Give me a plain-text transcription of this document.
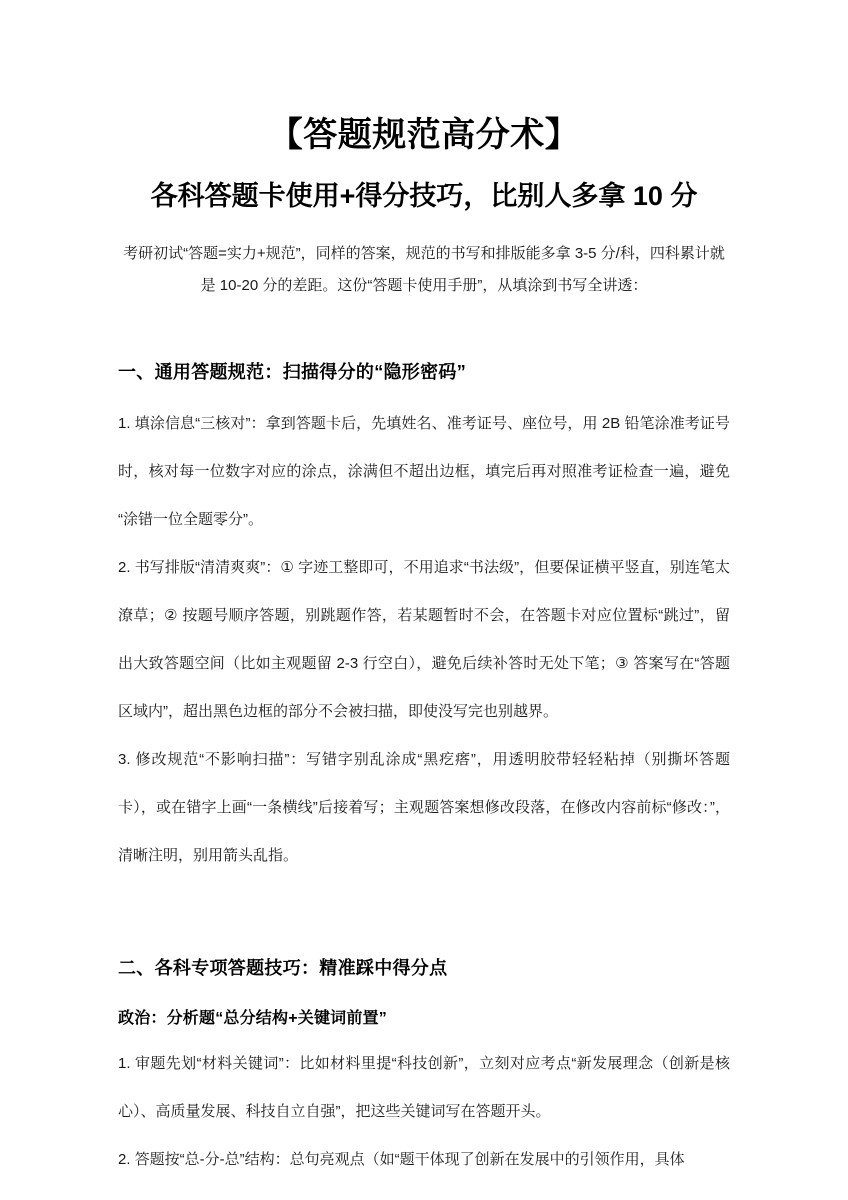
【答题规范高分术】
各科答题卡使用+得分技巧，比别人多拿 10 分

考研初试“答题=实力+规范”，同样的答案，规范的书写和排版能多拿 3-5 分/科，四科累计就是 10-20 分的差距。这份“答题卡使用手册”，从填涂到书写全讲透：

一、通用答题规范：扫描得分的“隐形密码”

1. 填涂信息“三核对”：拿到答题卡后，先填姓名、准考证号、座位号，用 2B 铅笔涂准考证号时，核对每一位数字对应的涂点，涂满但不超出边框，填完后再对照准考证检查一遍，避免“涂错一位全题零分”。

2. 书写排版“清清爽爽”：① 字迹工整即可，不用追求“书法级”，但要保证横平竖直，别连笔太潦草；② 按题号顺序答题，别跳题作答，若某题暂时不会，在答题卡对应位置标“跳过”，留出大致答题空间（比如主观题留 2-3 行空白），避免后续补答时无处下笔；③ 答案写在“答题区域内”，超出黑色边框的部分不会被扫描，即使没写完也别越界。

3. 修改规范“不影响扫描”：写错字别乱涂成“黑疙瘩”，用透明胶带轻轻粘掉（别撕坏答题卡），或在错字上画“一条横线”后接着写；主观题答案想修改段落，在修改内容前标“修改：”，清晰注明，别用箭头乱指。

二、各科专项答题技巧：精准踩中得分点
政治：分析题“总分结构+关键词前置”

1. 审题先划“材料关键词”：比如材料里提“科技创新”，立刻对应考点“新发展理念（创新是核心）、高质量发展、科技自立自强”，把这些关键词写在答题开头。

2. 答题按“总-分-总”结构：总句亮观点（如“题干体现了创新在发展中的引领作用，具体
